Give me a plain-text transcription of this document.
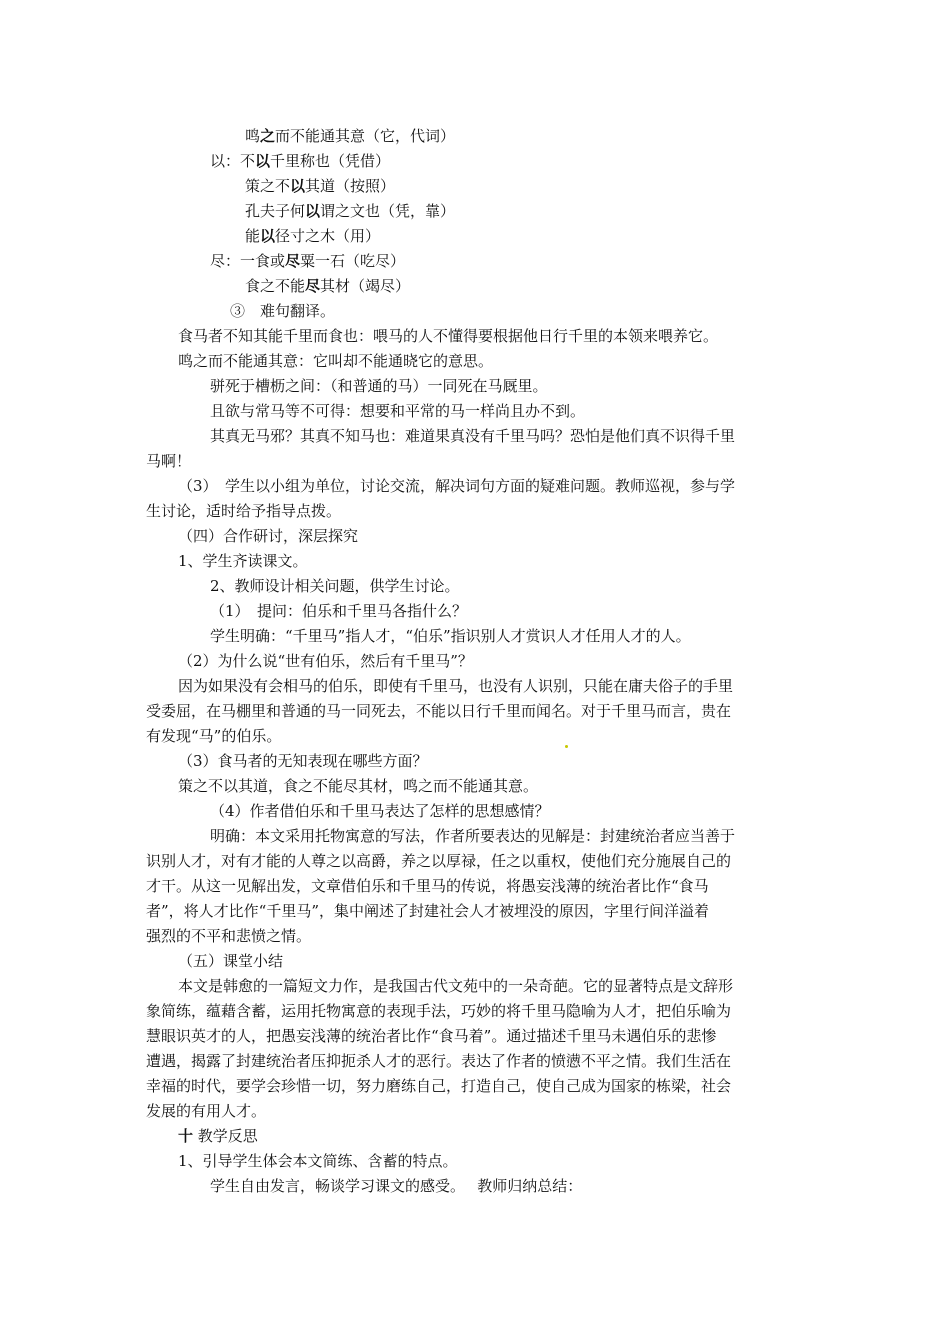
鸣之而不能通其意（它，代词）
以：不以千里称也（凭借）
策之不以其道（按照）
孔夫子何以谓之文也（凭，靠）
能以径寸之木（用）
尽：一食或尽粟一石（吃尽）
食之不能尽其材（竭尽）
③　难句翻译。
食马者不知其能千里而食也：喂马的人不懂得要根据他日行千里的本领来喂养它。
鸣之而不能通其意：它叫却不能通晓它的意思。
骈死于槽枥之间：（和普通的马）一同死在马厩里。
且欲与常马等不可得：想要和平常的马一样尚且办不到。
其真无马邪？其真不知马也：难道果真没有千里马吗？恐怕是他们真不识得千里
马啊！
（3）　学生以小组为单位，讨论交流，解决词句方面的疑难问题。教师巡视，参与学
生讨论，适时给予指导点拨。
（四）合作研讨，深层探究
1、学生齐读课文。
2、教师设计相关问题，供学生讨论。
（1）　提问：伯乐和千里马各指什么？
学生明确：“千里马”指人才，“伯乐”指识别人才赏识人才任用人才的人。
（2）为什么说“世有伯乐，然后有千里马”？
因为如果没有会相马的伯乐，即使有千里马，也没有人识别，只能在庸夫俗子的手里
受委屈，在马棚里和普通的马一同死去，不能以日行千里而闻名。对于千里马而言，贵在
有发现“马”的伯乐。
（3）食马者的无知表现在哪些方面？
策之不以其道，食之不能尽其材，鸣之而不能通其意。
（4）作者借伯乐和千里马表达了怎样的思想感情？
明确：本文采用托物寓意的写法，作者所要表达的见解是：封建统治者应当善于
识别人才，对有才能的人尊之以高爵，养之以厚禄，任之以重权，使他们充分施展自己的
才干。从这一见解出发，文章借伯乐和千里马的传说，将愚妄浅薄的统治者比作“食马
者”，将人才比作“千里马”，集中阐述了封建社会人才被埋没的原因，字里行间洋溢着
强烈的不平和悲愤之情。
（五）课堂小结
本文是韩愈的一篇短文力作，是我国古代文苑中的一朵奇葩。它的显著特点是文辞形
象简练，蕴藉含蓄，运用托物寓意的表现手法，巧妙的将千里马隐喻为人才，把伯乐喻为
慧眼识英才的人，把愚妄浅薄的统治者比作“食马着”。通过描述千里马未遇伯乐的悲惨
遭遇，揭露了封建统治者压抑扼杀人才的恶行。表达了作者的愤懑不平之情。我们生活在
幸福的时代，要学会珍惜一切，努力磨练自己，打造自己，使自己成为国家的栋梁，社会
发展的有用人才。
十 教学反思
1、引导学生体会本文简练、含蓄的特点。
学生自由发言，畅谈学习课文的感受。　 教师归纳总结：
